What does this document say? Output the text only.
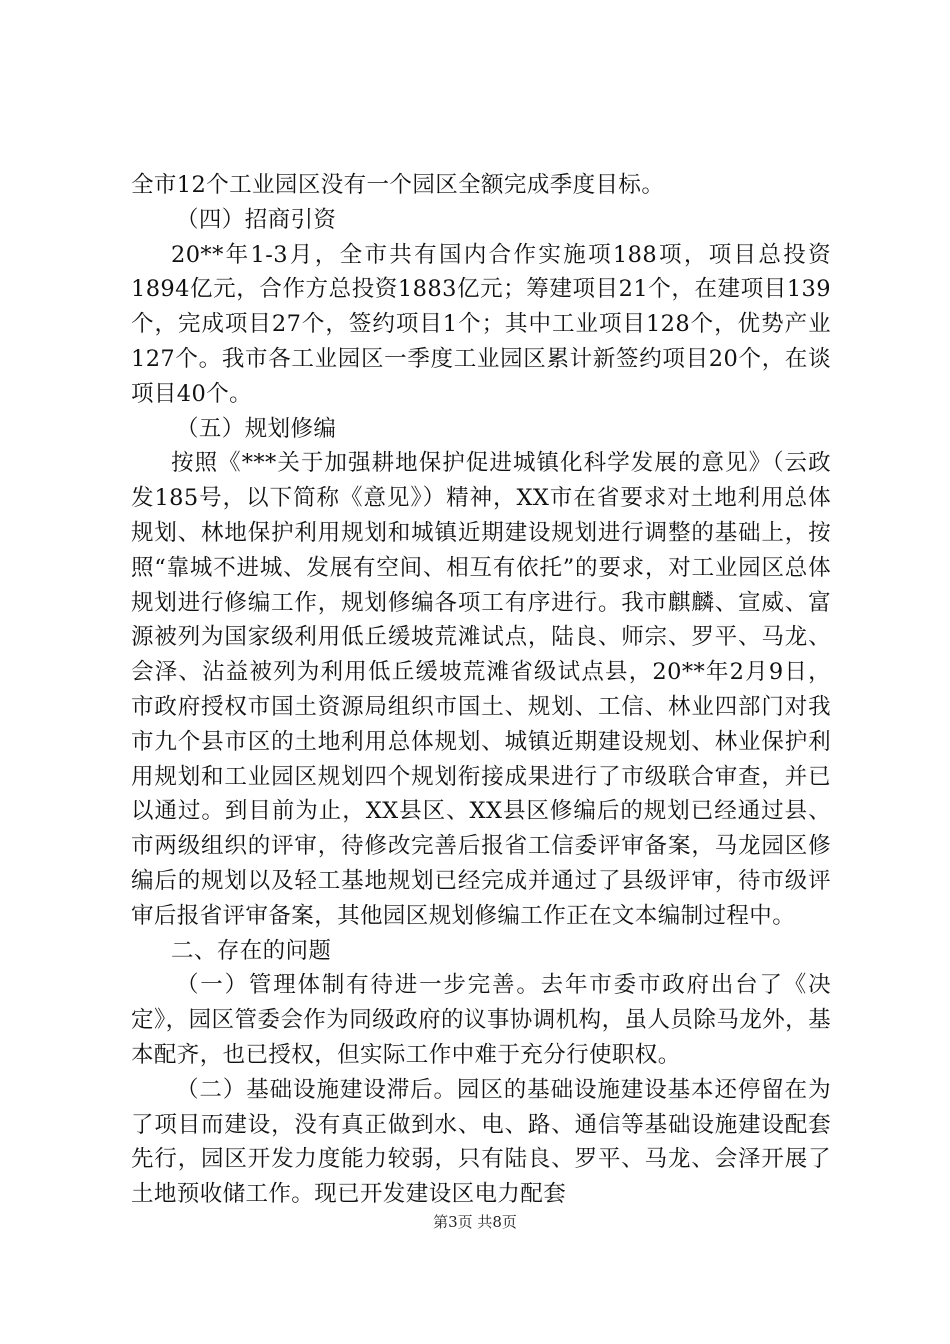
全市12个工业园区没有一个园区全额完成季度目标。

（四）招商引资

20**年1-3月，全市共有国内合作实施项188项，项目总投资1894亿元，合作方总投资1883亿元；筹建项目21个，在建项目139个，完成项目27个，签约项目1个；其中工业项目128个，优势产业127个。我市各工业园区一季度工业园区累计新签约项目20个，在谈项目40个。

（五）规划修编

按照《***关于加强耕地保护促进城镇化科学发展的意见》（云政发185号，以下简称《意见》）精神，XX市在省要求对土地利用总体规划、林地保护利用规划和城镇近期建设规划进行调整的基础上，按照“靠城不进城、发展有空间、相互有依托”的要求，对工业园区总体规划进行修编工作，规划修编各项工有序进行。我市麒麟、宣威、富源被列为国家级利用低丘缓坡荒滩试点，陆良、师宗、罗平、马龙、会泽、沾益被列为利用低丘缓坡荒滩省级试点县，20**年2月9日，市政府授权市国土资源局组织市国土、规划、工信、林业四部门对我市九个县市区的土地利用总体规划、城镇近期建设规划、林业保护利用规划和工业园区规划四个规划衔接成果进行了市级联合审查，并已以通过。到目前为止，XX县区、XX县区修编后的规划已经通过县、市两级组织的评审，待修改完善后报省工信委评审备案，马龙园区修编后的规划以及轻工基地规划已经完成并通过了县级评审，待市级评审后报省评审备案，其他园区规划修编工作正在文本编制过程中。

二、存在的问题

（一）管理体制有待进一步完善。去年市委市政府出台了《决定》，园区管委会作为同级政府的议事协调机构，虽人员除马龙外，基本配齐，也已授权，但实际工作中难于充分行使职权。

（二）基础设施建设滞后。园区的基础设施建设基本还停留在为了项目而建设，没有真正做到水、电、路、通信等基础设施建设配套先行，园区开发力度能力较弱，只有陆良、罗平、马龙、会泽开展了土地预收储工作。现已开发建设区电力配套

第3页 共8页
